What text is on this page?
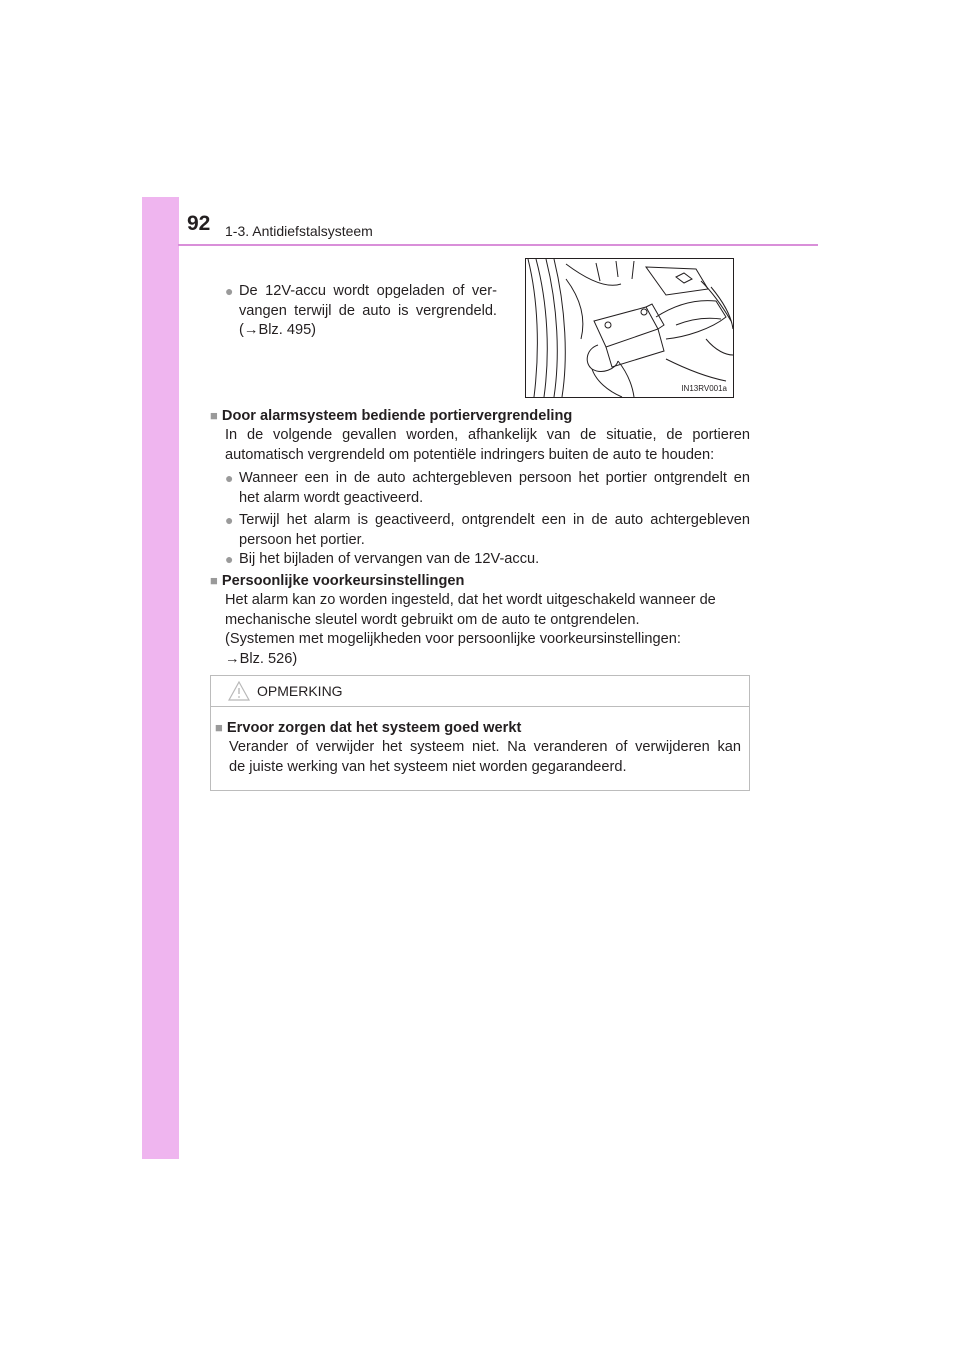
92 1-3. Antidiefstalsysteem
● De 12V-accu wordt opgeladen of ver-
vangen terwijl de auto is vergrendeld.
(→Blz. 495)
IN13RV001a
■ Door alarmsysteem bediende portiervergrendeling
In de volgende gevallen worden, afhankelijk van de situatie, de portieren
automatisch vergrendeld om potentiële indringers buiten de auto te houden:
● Wanneer een in de auto achtergebleven persoon het portier ontgrendelt en
het alarm wordt geactiveerd.
● Terwijl het alarm is geactiveerd, ontgrendelt een in de auto achtergebleven
persoon het portier.
● Bij het bijladen of vervangen van de 12V-accu.
■ Persoonlijke voorkeursinstellingen
Het alarm kan zo worden ingesteld, dat het wordt uitgeschakeld wanneer de
mechanische sleutel wordt gebruikt om de auto te ontgrendelen.
(Systemen met mogelijkheden voor persoonlijke voorkeursinstellingen:
→Blz. 526)
OPMERKING
■ Ervoor zorgen dat het systeem goed werkt
Verander of verwijder het systeem niet. Na veranderen of verwijderen kan
de juiste werking van het systeem niet worden gegarandeerd.
